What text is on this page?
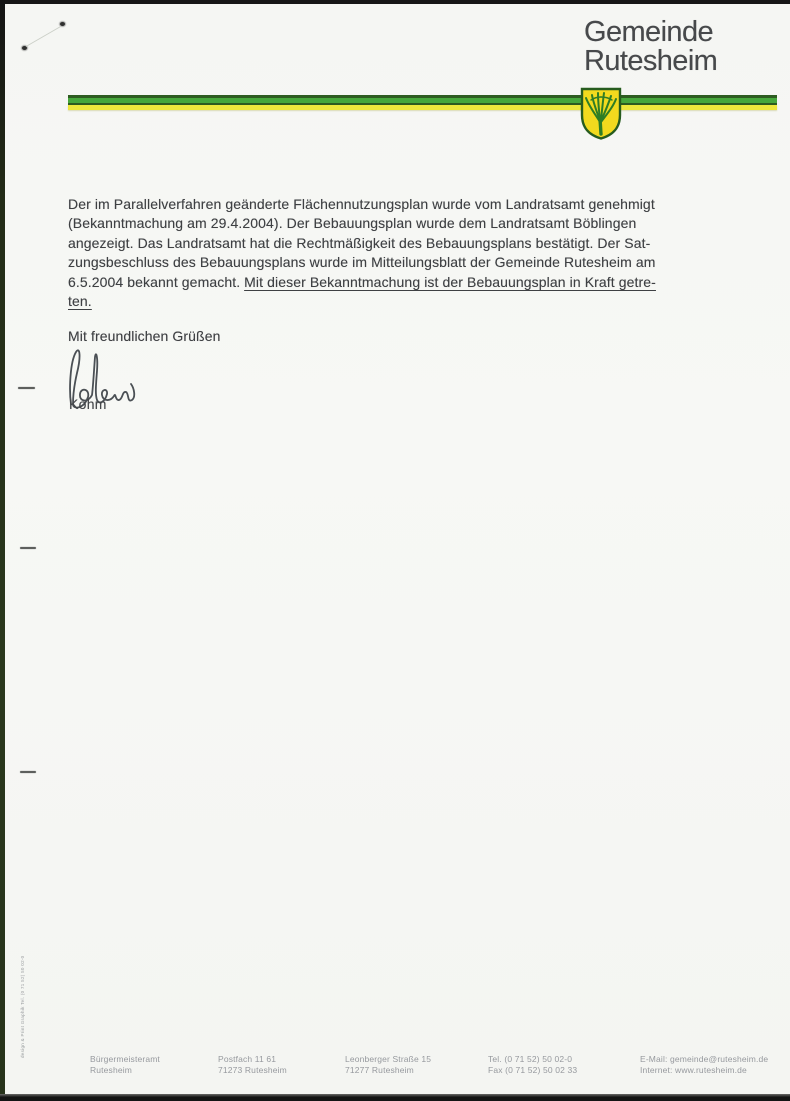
Gemeinde
Rutesheim
Der im Parallelverfahren geänderte Flächennutzungsplan wurde vom Landratsamt genehmigt
(Bekanntmachung am 29.4.2004). Der Bebauungsplan wurde dem Landratsamt Böblingen
angezeigt. Das Landratsamt hat die Rechtmäßigkeit des Bebauungsplans bestätigt. Der Sat-
zungsbeschluss des Bebauungsplans wurde im Mitteilungsblatt der Gemeinde Rutesheim am
6.5.2004 bekannt gemacht. Mit dieser Bekanntmachung ist der Bebauungsplan in Kraft getre-
ten.
Mit freundlichen Grüßen
Kohm
design & Print Graphik Tel. (0 71 52) 50 02-0
Bürgermeisteramt
Rutesheim
Postfach 11 61
71273 Rutesheim
Leonberger Straße 15
71277 Rutesheim
Tel. (0 71 52) 50 02-0
Fax (0 71 52) 50 02 33
E-Mail: gemeinde@rutesheim.de
Internet: www.rutesheim.de
